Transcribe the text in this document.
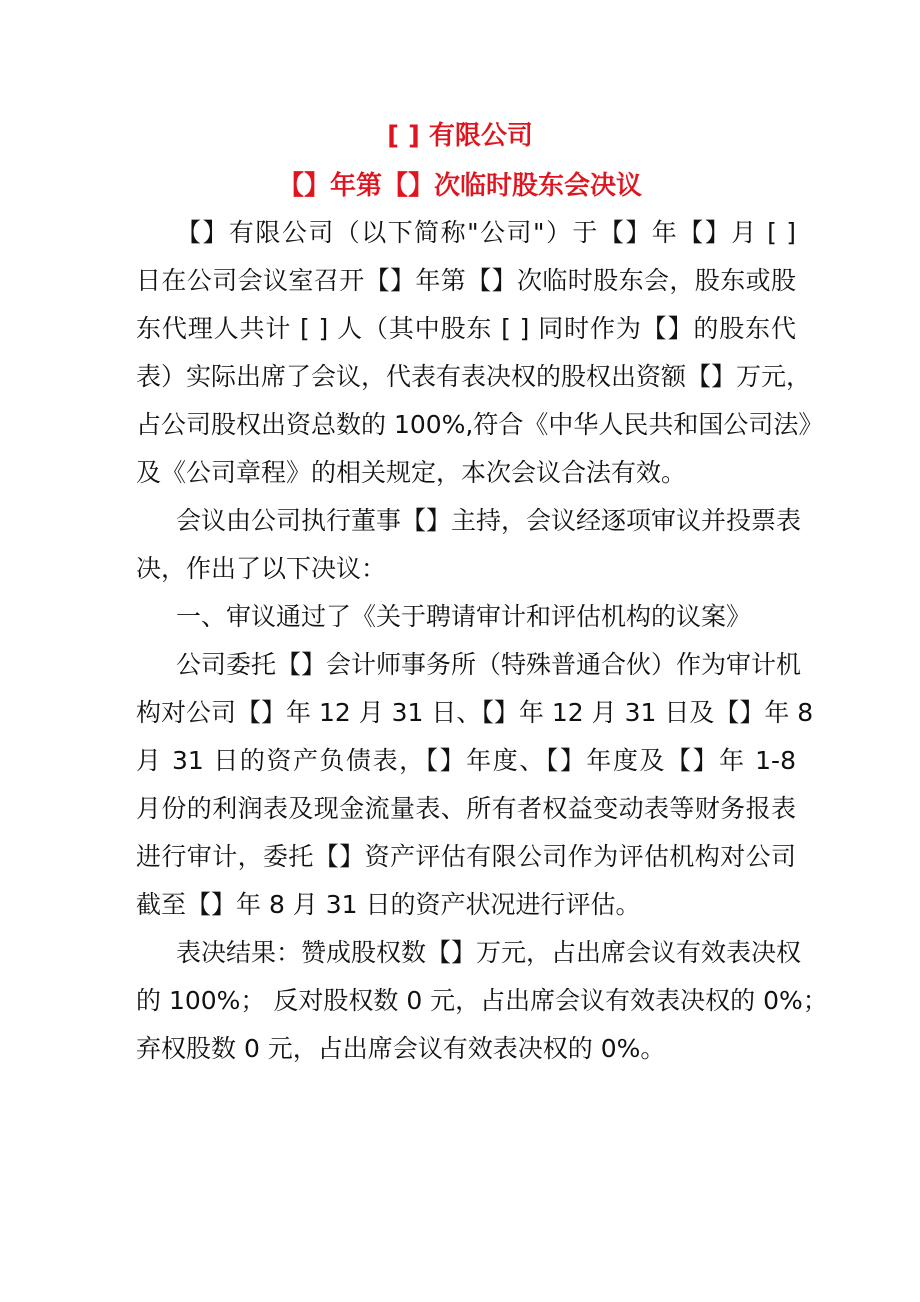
[ ] 有限公司
【】年第【】次临时股东会决议
【】有限公司（以下简称"公司"）于【】年【】月 [ ]
日在公司会议室召开【】年第【】次临时股东会，股东或股
东代理人共计 [ ] 人（其中股东 [ ] 同时作为【】的股东代
表）实际出席了会议，代表有表决权的股权出资额【】万元，
占公司股权出资总数的 100%,符合《中华人民共和国公司法》
及《公司章程》的相关规定，本次会议合法有效。
会议由公司执行董事【】主持，会议经逐项审议并投票表
决，作出了以下决议：
一、审议通过了《关于聘请审计和评估机构的议案》
公司委托【】会计师事务所（特殊普通合伙）作为审计机
构对公司【】年 12 月 31 日、【】年 12 月 31 日及【】年 8
月 31 日的资产负债表，【】年度、【】年度及【】年 1-8
月份的利润表及现金流量表、所有者权益变动表等财务报表
进行审计，委托【】资产评估有限公司作为评估机构对公司
截至【】年 8 月 31 日的资产状况进行评估。
表决结果：赞成股权数【】万元，占出席会议有效表决权
的 100%； 反对股权数 0 元，占出席会议有效表决权的 0%；
弃权股数 0 元，占出席会议有效表决权的 0%。
